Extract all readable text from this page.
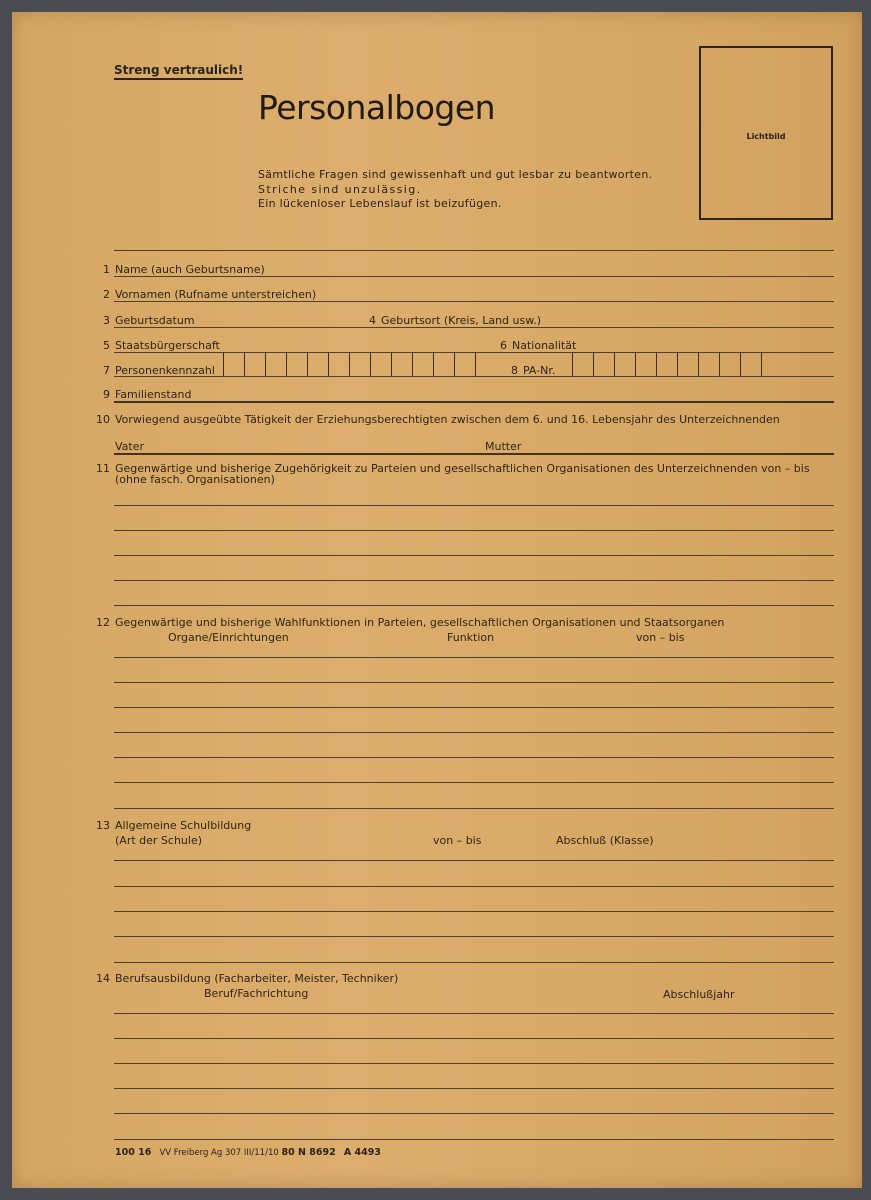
Streng vertraulich!
Personalbogen
Sämtliche Fragen sind gewissenhaft und gut lesbar zu beantworten.
Striche sind unzulässig.
Ein lückenloser Lebenslauf ist beizufügen.
Lichtbild
1 Name (auch Geburtsname)
2 Vornamen (Rufname unterstreichen)
3 Geburtsdatum	4 Geburtsort (Kreis, Land usw.)
5 Staatsbürgerschaft	6 Nationalität
7 Personenkennzahl	8 PA-Nr.
9 Familienstand
10 Vorwiegend ausgeübte Tätigkeit der Erziehungsberechtigten zwischen dem 6. und 16. Lebensjahr des Unterzeichnenden
Vater	Mutter
11 Gegenwärtige und bisherige Zugehörigkeit zu Parteien und gesellschaftlichen Organisationen des Unterzeichnenden von – bis
(ohne fasch. Organisationen)
12 Gegenwärtige und bisherige Wahlfunktionen in Parteien, gesellschaftlichen Organisationen und Staatsorganen
Organe/Einrichtungen	Funktion	von – bis
13 Allgemeine Schulbildung
(Art der Schule)	von – bis	Abschluß (Klasse)
14 Berufsausbildung (Facharbeiter, Meister, Techniker)
Beruf/Fachrichtung	Abschlußjahr
100 16 VV Freiberg Ag 307 III/11/10 80 N 8692 A 4493
